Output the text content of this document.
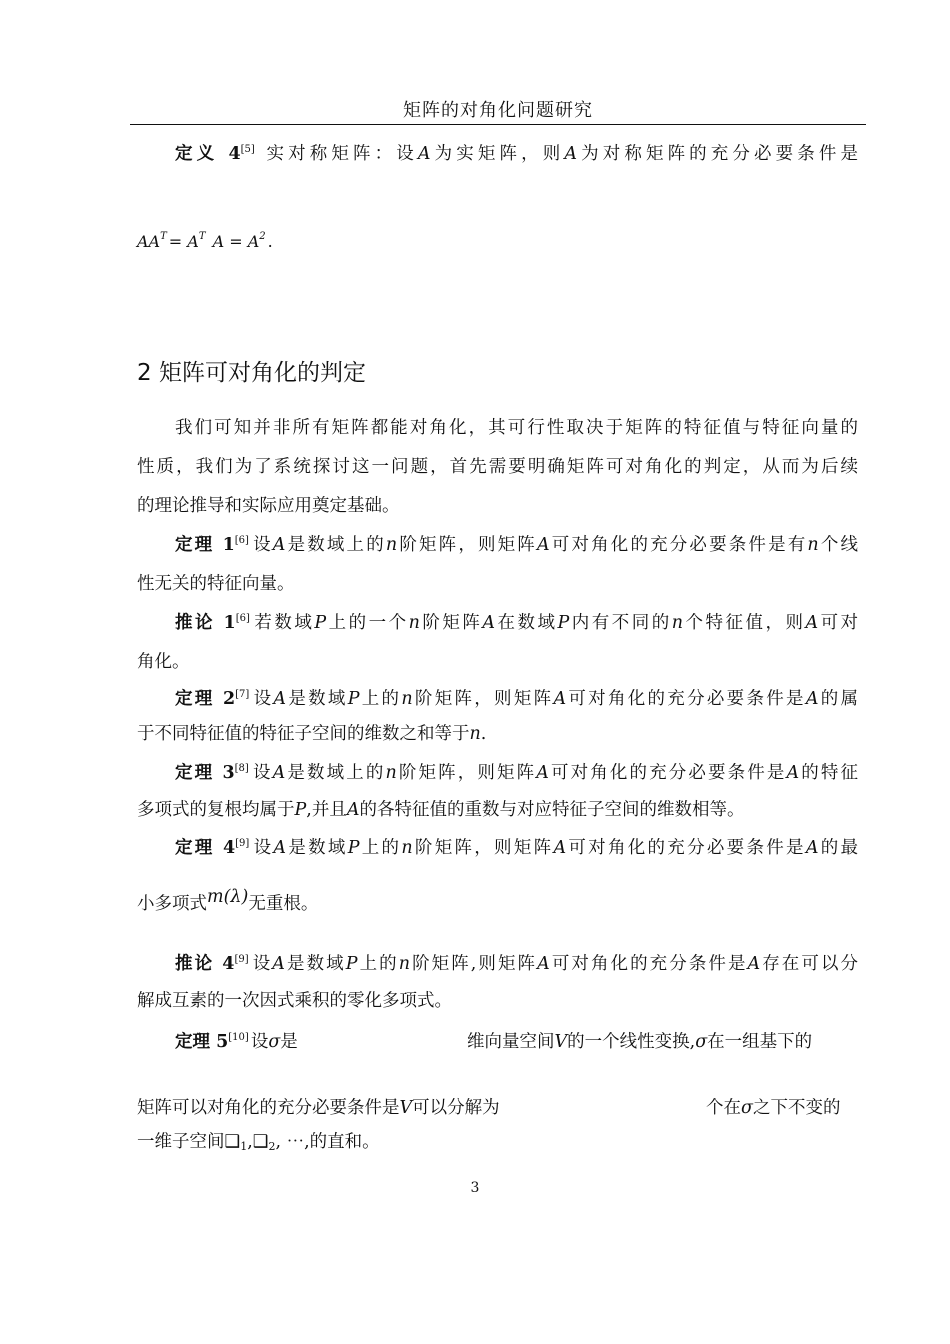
矩阵的对角化问题研究
定义 4[5] 实对称矩阵：设A为实矩阵，则A为对称矩阵的充分必要条件是
$AA^T = A^T$ $A = A^2$ .
2 矩阵可对角化的判定
我们可知并非所有矩阵都能对角化，其可行性取决于矩阵的特征值与特征向量的
性质，我们为了系统探讨这一问题，首先需要明确矩阵可对角化的判定，从而为后续
的理论推导和实际应用奠定基础。
定理 1[6] 设A是数域上的n阶矩阵，则矩阵A可对角化的充分必要条件是有n个线
性无关的特征向量。
推论 1[6] 若数域P上的一个n阶矩阵A在数域P内有不同的n个特征值，则A可对
角化。
定理 2[7] 设A是数域P上的n阶矩阵，则矩阵A可对角化的充分必要条件是A的属
于不同特征值的特征子空间的维数之和等于n.
定理 3[8] 设A是数域上的n阶矩阵，则矩阵A可对角化的充分必要条件是A的特征
多项式的复根均属于P,并且A的各特征值的重数与对应特征子空间的维数相等。
定理 4[9] 设A是数域P上的n阶矩阵，则矩阵A可对角化的充分必要条件是A的最
小多项式m(λ)无重根。
推论 4[9] 设A是数域P上的n阶矩阵,则矩阵A可对角化的充分条件是A存在可以分
解成互素的一次因式乘积的零化多项式。
定理 5[10] 设σ是	维向量空间V的一个线性变换,σ在一组基下的
矩阵可以对角化的充分必要条件是V可以分解为	个在σ之下不变的
一维子空间$❑_1,❑_2$, ⋯,的直和。
3
